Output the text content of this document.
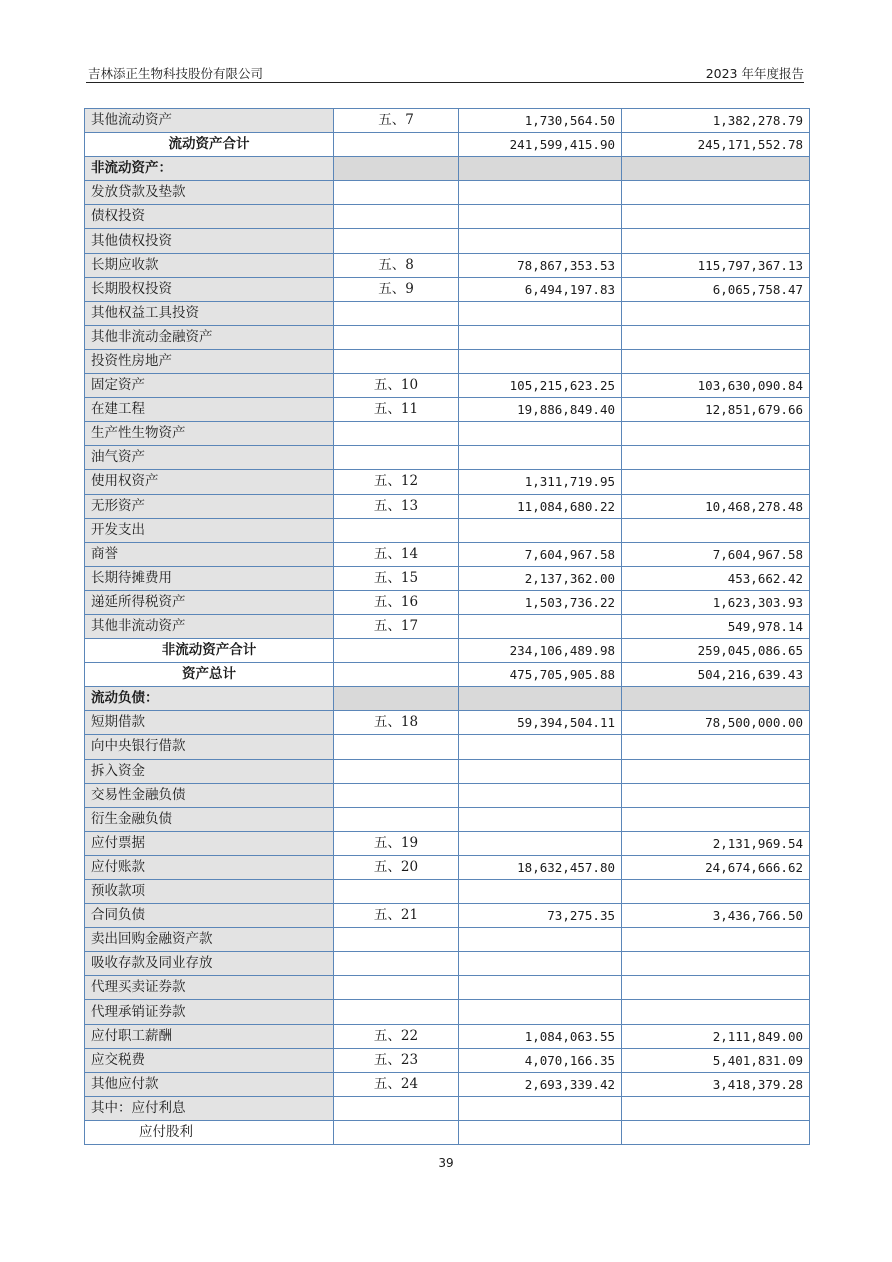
吉林添正生物科技股份有限公司	2023 年年度报告
其他流动资产	五、7	1,730,564.50	1,382,278.79
流动资产合计		241,599,415.90	245,171,552.78
非流动资产：			
发放贷款及垫款			
债权投资			
其他债权投资			
长期应收款	五、8	78,867,353.53	115,797,367.13
长期股权投资	五、9	6,494,197.83	6,065,758.47
其他权益工具投资			
其他非流动金融资产			
投资性房地产			
固定资产	五、10	105,215,623.25	103,630,090.84
在建工程	五、11	19,886,849.40	12,851,679.66
生产性生物资产			
油气资产			
使用权资产	五、12	1,311,719.95	
无形资产	五、13	11,084,680.22	10,468,278.48
开发支出			
商誉	五、14	7,604,967.58	7,604,967.58
长期待摊费用	五、15	2,137,362.00	453,662.42
递延所得税资产	五、16	1,503,736.22	1,623,303.93
其他非流动资产	五、17		549,978.14
非流动资产合计		234,106,489.98	259,045,086.65
资产总计		475,705,905.88	504,216,639.43
流动负债：			
短期借款	五、18	59,394,504.11	78,500,000.00
向中央银行借款			
拆入资金			
交易性金融负债			
衍生金融负债			
应付票据	五、19		2,131,969.54
应付账款	五、20	18,632,457.80	24,674,666.62
预收款项			
合同负债	五、21	73,275.35	3,436,766.50
卖出回购金融资产款			
吸收存款及同业存放			
代理买卖证券款			
代理承销证券款			
应付职工薪酬	五、22	1,084,063.55	2,111,849.00
应交税费	五、23	4,070,166.35	5,401,831.09
其他应付款	五、24	2,693,339.42	3,418,379.28
其中：应付利息			
应付股利			
39
